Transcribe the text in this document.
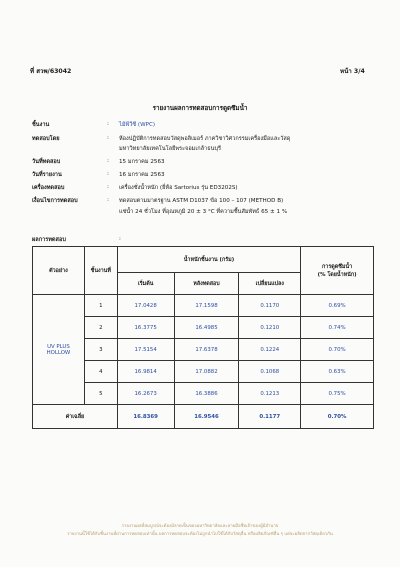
ที่ สวพ/63042	หน้า 3/4
รายงานผลการทดสอบการดูดซึมน้ำ
ชิ้นงาน	: ไม้พีวีซี (WPC)
ทดสอบโดย	: ห้องปฏิบัติการทดสอบวัสดุพอลิเมอร์ ภาควิชาวิศวกรรมเครื่องมือและวัสดุ
มหาวิทยาลัยเทคโนโลยีพระจอมเกล้าธนบุรี
วันที่ทดสอบ	: 15 มกราคม 2563
วันที่รายงาน	: 16 มกราคม 2563
เครื่องทดสอบ	: เครื่องชั่งน้ำหนัก (ยี่ห้อ Sartorius รุ่น ED3202S)
เงื่อนไขการทดสอบ	: ทดสอบตามมาตรฐาน ASTM D1037 ข้อ 100 – 107 (METHOD B)
แช่น้ำ 24 ชั่วโมง ที่อุณหภูมิ 20 ± 3 °C ที่ความชื้นสัมพัทธ์ 65 ± 1 %
ผลการทดสอบ	:
ตัวอย่าง	ชิ้นงานที่	น้ำหนักชิ้นงาน (กรัม)			การดูดซึมน้ำ
(% โดยน้ำหนัก)

		เริ่มต้น	หลังทดสอบ	เปลี่ยนแปลง	

UV PLUS
HOLLOW	1	17.0428	17.1598	0.1170	0.69%
	2	16.3775	16.4985	0.1210	0.74%
	3	17.5154	17.6378	0.1224	0.70%
	4	16.9814	17.0882	0.1068	0.63%
	5	16.2673	16.3886	0.1213	0.75%
ค่าเฉลี่ย		16.8369	16.9546	0.1177	0.70%
รายงานผลที่สมบูรณ์จะต้องมีลายเซ็นของมหาวิทยาลัยและลายมือชื่อเจ้าของผู้มีอำนาจ
รายงานนี้ใช้ได้กับชิ้นงานที่ผ่านการทดสอบเท่านั้น ผลการทดสอบจะต้องไม่ถูกนำไปใช้ได้กับวัสดุอื่น หรือผลิตภัณฑ์อื่น ๆ แต่จะผลิตจากวัสดุเดียวกัน
